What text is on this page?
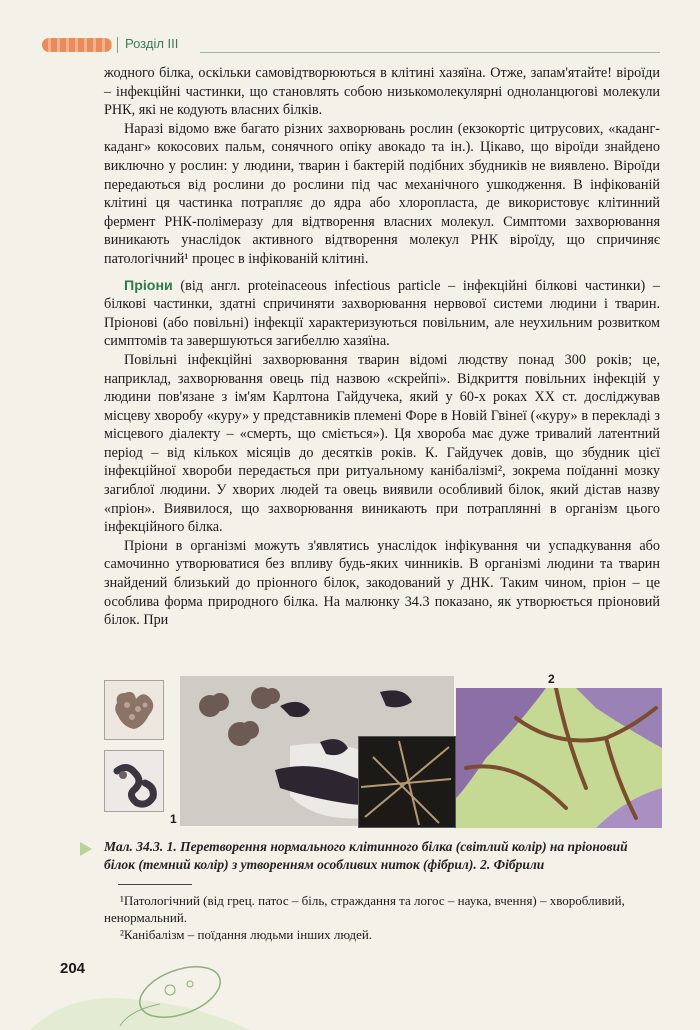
Розділ III

жодного білка, оскільки самовідтворюються в клітині хазяїна. Отже, запам'ятайте! віроїди – інфекційні частинки, що становлять собою низькомолекулярні одноланцюгові молекули РНК, які не кодують власних білків.

Наразі відомо вже багато різних захворювань рослин (екзокортіс цитрусових, «каданг-каданг» кокосових пальм, сонячного опіку авокадо та ін.). Цікаво, що віроїди знайдено виключно у рослин: у людини, тварин і бактерій подібних збудників не виявлено. Віроїди передаються від рослини до рослини під час механічного ушкодження. В інфікованій клітині ця частинка потрапляє до ядра або хлоропласта, де використовує клітинний фермент РНК-полімеразу для відтворення власних молекул. Симптоми захворювання виникають унаслідок активного відтворення молекул РНК віроїду, що спричиняє патологічний¹ процес в інфікованій клітині.

Пріони (від англ. proteinaceous infectious particle – інфекційні білкові частинки) – білкові частинки, здатні спричиняти захворювання нервової системи людини і тварин. Пріонові (або повільні) інфекції характеризуються повільним, але неухильним розвитком симптомів та завершуються загибеллю хазяїна.

Повільні інфекційні захворювання тварин відомі людству понад 300 років; це, наприклад, захворювання овець під назвою «скрейпі». Відкриття повільних інфекцій у людини пов'язане з ім'ям Карлтона Гайдучека, який у 60-х роках XX ст. досліджував місцеву хворобу «куру» у представників племені Форе в Новій Гвінеї («куру» в перекладі з місцевого діалекту – «смерть, що сміється»). Ця хвороба має дуже тривалий латентний період – від кількох місяців до десятків років. К. Гайдучек довів, що збудник цієї інфекційної хвороби передається при ритуальному канібалізмі², зокрема поїданні мозку загиблої людини. У хворих людей та овець виявили особливий білок, який дістав назву «пріон». Виявилося, що захворювання виникають при потраплянні в організм цього інфекційного білка.

Пріони в організмі можуть з'являтись унаслідок інфікування чи успадкування або самочинно утворюватися без впливу будь-яких чинників. В організмі людини та тварин знайдений близький до пріонного білок, закодований у ДНК. Таким чином, пріон – це особлива форма природного білка. На малюнку 34.3 показано, як утворюється пріоновий білок. При

1
2
Мал. 34.3. 1. Перетворення нормального клітинного білка (світлий колір) на пріоновий білок (темний колір) з утворенням особливих ниток (фібрил). 2. Фібрили

¹Патологічний (від грец. патос – біль, страждання та логос – наука, вчення) – хворобливий, ненормальний.

²Канібалізм – поїдання людьми інших людей.

204
